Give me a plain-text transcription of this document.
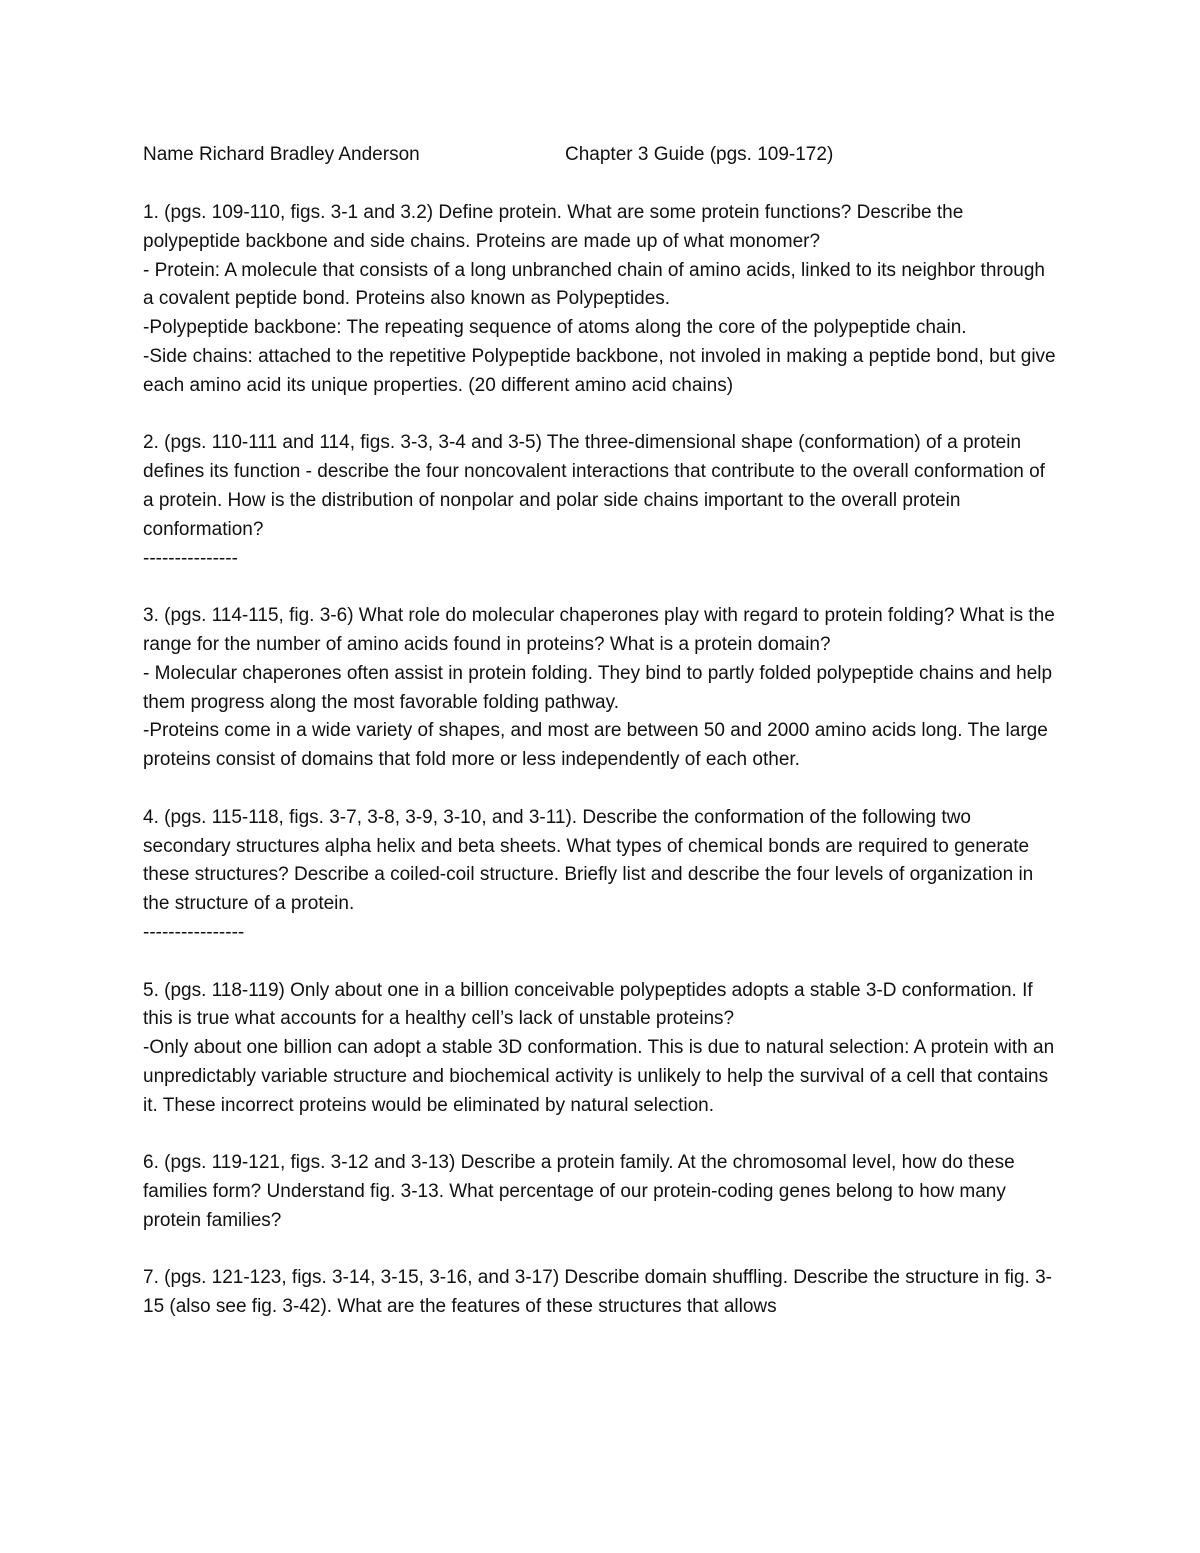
Name Richard Bradley Anderson	Chapter 3 Guide (pgs. 109-172)

1. (pgs. 109-110, figs. 3-1 and 3.2) Define protein. What are some protein functions? Describe the polypeptide backbone and side chains. Proteins are made up of what monomer?

- Protein: A molecule that consists of a long unbranched chain of amino acids, linked to its neighbor through a covalent peptide bond. Proteins also known as Polypeptides.

-Polypeptide backbone: The repeating sequence of atoms along the core of the polypeptide chain.

-Side chains: attached to the repetitive Polypeptide backbone, not involed in making a peptide bond, but give each amino acid its unique properties. (20 different amino acid chains)

2. (pgs. 110-111 and 114, figs. 3-3, 3-4 and 3-5) The three-dimensional shape (conformation) of a protein defines its function - describe the four noncovalent interactions that contribute to the overall conformation of a protein. How is the distribution of nonpolar and polar side chains important to the overall protein conformation?

---------------

3. (pgs. 114-115, fig. 3-6) What role do molecular chaperones play with regard to protein folding? What is the range for the number of amino acids found in proteins? What is a protein domain?

- Molecular chaperones often assist in protein folding. They bind to partly folded polypeptide chains and help them progress along the most favorable folding pathway.

-Proteins come in a wide variety of shapes, and most are between 50 and 2000 amino acids long. The large proteins consist of domains that fold more or less independently of each other.

4. (pgs. 115-118, figs. 3-7, 3-8, 3-9, 3-10, and 3-11). Describe the conformation of the following two secondary structures alpha helix and beta sheets. What types of chemical bonds are required to generate these structures? Describe a coiled-coil structure. Briefly list and describe the four levels of organization in the structure of a protein.

----------------

5. (pgs. 118-119) Only about one in a billion conceivable polypeptides adopts a stable 3-D conformation. If this is true what accounts for a healthy cell’s lack of unstable proteins?

-Only about one billion can adopt a stable 3D conformation. This is due to natural selection: A protein with an unpredictably variable structure and biochemical activity is unlikely to help the survival of a cell that contains it. These incorrect proteins would be eliminated by natural selection.

6. (pgs. 119-121, figs. 3-12 and 3-13) Describe a protein family. At the chromosomal level, how do these families form? Understand fig. 3-13. What percentage of our protein-coding genes belong to how many protein families?

7. (pgs. 121-123, figs. 3-14, 3-15, 3-16, and 3-17) Describe domain shuffling. Describe the structure in fig. 3-15 (also see fig. 3-42). What are the features of these structures that allows
